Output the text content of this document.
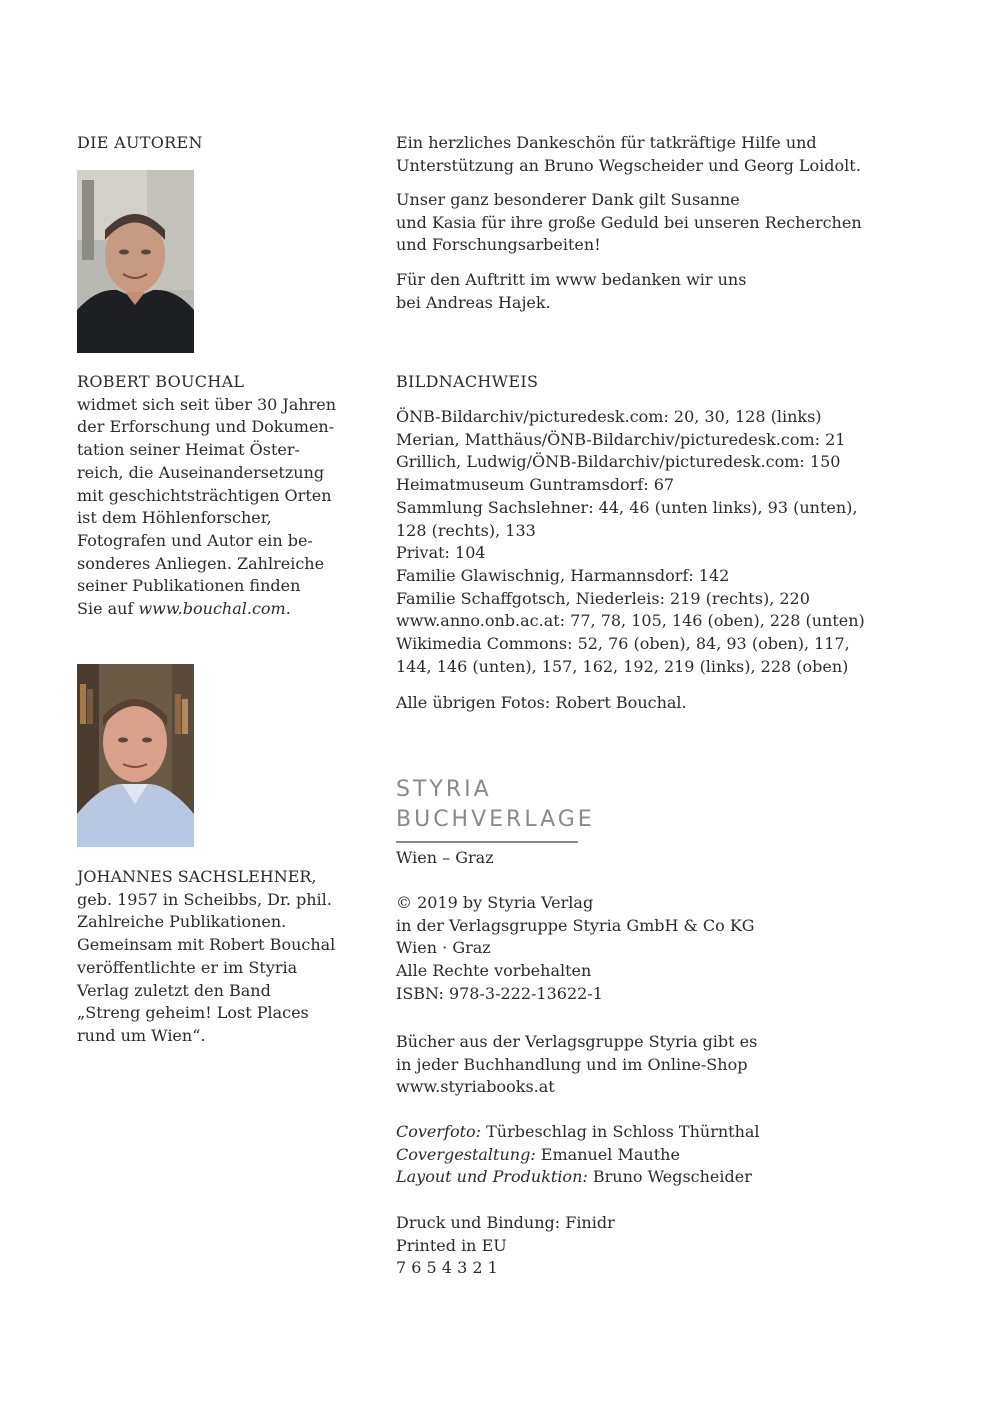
DIE AUTOREN
ROBERT BOUCHAL
widmet sich seit über 30 Jahren
der Erforschung und Dokumen-
tation seiner Heimat Öster-
reich, die Auseinandersetzung
mit geschichtsträchtigen Orten
ist dem Höhlenforscher,
Fotografen und Autor ein be-
sonderes Anliegen. Zahlreiche
seiner Publikationen finden
Sie auf www.bouchal.com.
JOHANNES SACHSLEHNER,
geb. 1957 in Scheibbs, Dr. phil.
Zahlreiche Publikationen.
Gemeinsam mit Robert Bouchal
veröffentlichte er im Styria
Verlag zuletzt den Band
„Streng geheim! Lost Places
rund um Wien“.
Ein herzliches Dankeschön für tatkräftige Hilfe und
Unterstützung an Bruno Wegscheider und Georg Loidolt.
Unser ganz besonderer Dank gilt Susanne
und Kasia für ihre große Geduld bei unseren Recherchen
und Forschungsarbeiten!
Für den Auftritt im www bedanken wir uns
bei Andreas Hajek.
BILDNACHWEIS
ÖNB-Bildarchiv/picturedesk.com: 20, 30, 128 (links)
Merian, Matthäus/ÖNB-Bildarchiv/picturedesk.com: 21
Grillich, Ludwig/ÖNB-Bildarchiv/picturedesk.com: 150
Heimatmuseum Guntramsdorf: 67
Sammlung Sachslehner: 44, 46 (unten links), 93 (unten),
128 (rechts), 133
Privat: 104
Familie Glawischnig, Harmannsdorf: 142
Familie Schaffgotsch, Niederleis: 219 (rechts), 220
www.anno.onb.ac.at: 77, 78, 105, 146 (oben), 228 (unten)
Wikimedia Commons: 52, 76 (oben), 84, 93 (oben), 117,
144, 146 (unten), 157, 162, 192, 219 (links), 228 (oben)
Alle übrigen Fotos: Robert Bouchal.
STYRIA
BUCHVERLAGE
Wien – Graz
© 2019 by Styria Verlag
in der Verlagsgruppe Styria GmbH & Co KG
Wien · Graz
Alle Rechte vorbehalten
ISBN: 978-3-222-13622-1
Bücher aus der Verlagsgruppe Styria gibt es
in jeder Buchhandlung und im Online-Shop
www.styriabooks.at
Coverfoto: Türbeschlag in Schloss Thürnthal
Covergestaltung: Emanuel Mauthe
Layout und Produktion: Bruno Wegscheider
Druck und Bindung: Finidr
Printed in EU
7 6 5 4 3 2 1
